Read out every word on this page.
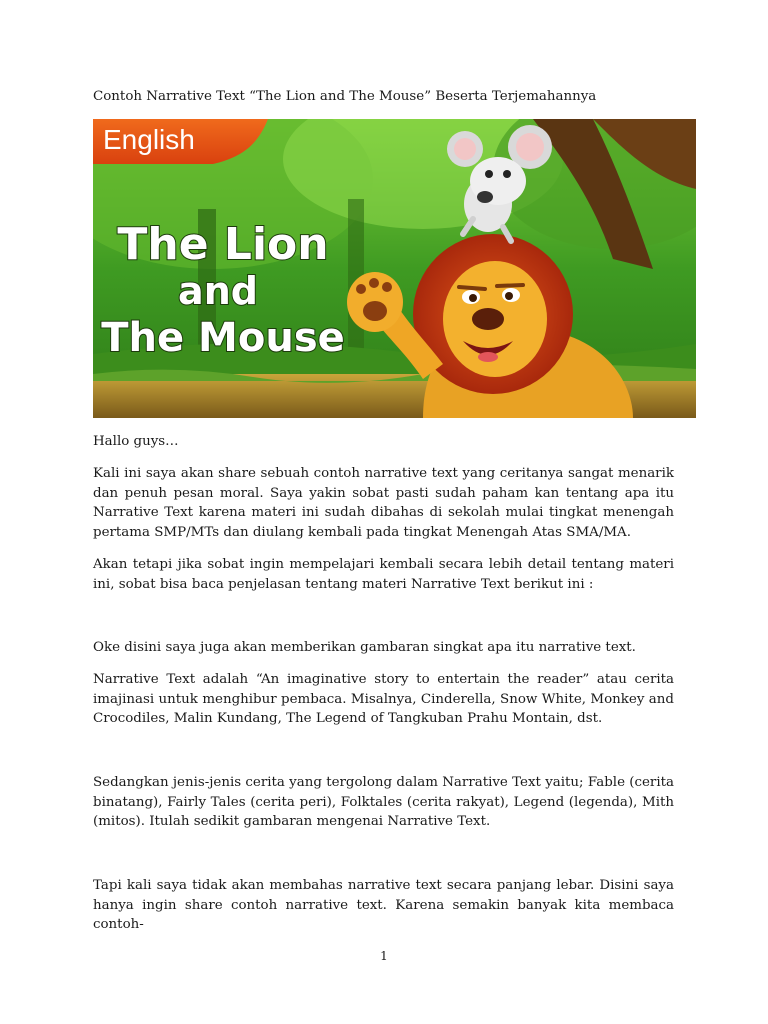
Contoh Narrative Text “The Lion and The Mouse” Beserta Terjemahannya
The Lion
and
The Mouse
English

Hallo guys…

Kali ini saya akan share sebuah contoh narrative text yang ceritanya sangat menarik dan penuh pesan moral. Saya yakin sobat pasti sudah paham kan tentang apa itu Narrative Text karena materi ini sudah dibahas di sekolah mulai tingkat menengah pertama SMP/MTs dan diulang kembali pada tingkat Menengah Atas SMA/MA.

Akan tetapi jika sobat ingin mempelajari kembali secara lebih detail tentang materi ini, sobat bisa baca penjelasan tentang materi Narrative Text berikut ini :

Oke disini saya juga akan memberikan gambaran singkat apa itu narrative text.

Narrative Text adalah “An imaginative story to entertain the reader” atau cerita imajinasi untuk menghibur pembaca. Misalnya, Cinderella, Snow White, Monkey and Crocodiles, Malin Kundang, The Legend of Tangkuban Prahu Montain, dst.

Sedangkan jenis-jenis cerita yang tergolong dalam Narrative Text yaitu; Fable (cerita binatang), Fairly Tales (cerita peri), Folktales (cerita rakyat), Legend (legenda), Mith (mitos). Itulah sedikit gambaran mengenai Narrative Text.

Tapi kali saya tidak akan membahas narrative text secara panjang lebar. Disini saya hanya ingin share contoh narrative text. Karena semakin banyak kita membaca contoh-

1
